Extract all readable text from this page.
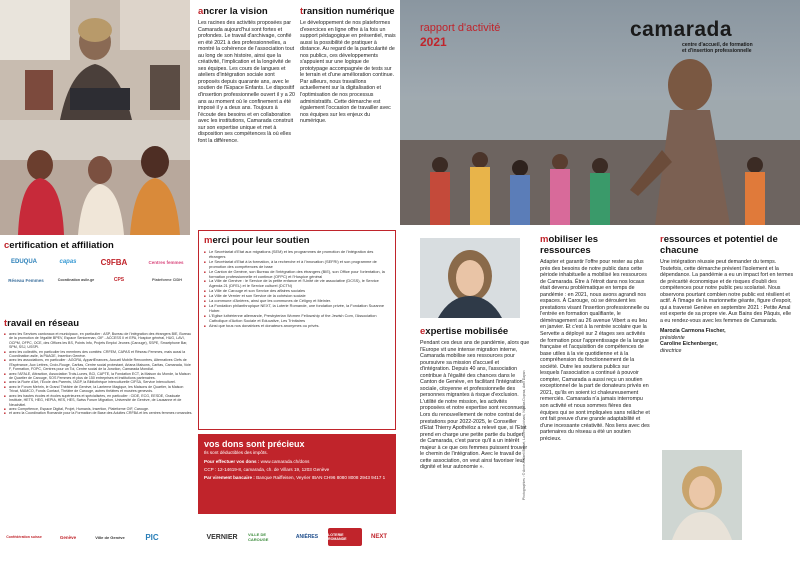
ancrer la vision
Les racines des activités proposées par Camarada aujourd'hui sont fortes et profondes. Le travail d'archivage, confié en été 2021 à des professionnelles, a montré la cohérence de l'association tout au long de son histoire, ainsi que la créativité, l'implication et la longévité de ses équipes. Les cours de langues et ateliers d'intégration sociale sont proposés depuis quarante ans, avec le soutien de l'Espace Enfants. Le dispositif d'insertion professionnelle ouvert il y a 20 ans au moment où le confinement a été imposé il y a deux ans. Toujours à l'écoute des besoins et en collaboration avec les institutions, Camarada construit sur son expertise unique et met à disposition ses compétences là où elles font la différence.
transition numérique
Le développement de nos plateformes d'exercices en ligne offre à la fois un support pédagogique en présentiel, mais aussi la possibilité de pratiquer à distance. Au regard de la particularité de nos publics, ces développements s'appuient sur une logique de prototypage accompagnée de tests sur le terrain et d'une amélioration continue. Par ailleurs, nous travaillons actuellement sur la digitalisation et l'optimisation de nos processus administratifs. Cette démarche est également l'occasion de travailler avec nos équipes sur les enjeux du numérique.
certification et affiliation
EDUQUA	capas	C9FBA	Centres femmes
Réseau Femmes	Coordination asile.ge	CPS	Plateforme CIDH
travail en réseau
■ avec les Services cantonaux et municipaux, en particulier : ASP, Bureau de l'intégration des étrangers BIE, Bureau de la promotion de l'égalité BPEV, Espace Seniorenan, OIF - ACCESS II et EPA, Hospice général, HUG, LAVI, OCPM, OFPC, OCE, des Offices les BS, Points Info, Projets Emploi Jeunes (Carouge), SSPE, Smartphone Bar, SPM, SSJ, USSPI.
■ avec les collectifs, en particulier les membres des comités: CRFEM, CAPAS et Réseau Femmes, mais aussi la Coordination asile, la PAAGE, Insertion Genève.
■ avec les associations, en particulier : AGORA, AppartEnances, Accueil Mobile Rencontres, Alternatives Clefs de l'Espérance, Aux Lettres, Croix-Rouge, Caritas, Centre social protestant, Ariana Maisons, Caritas, Camarada, Voie F, Formation, FOPC, Centres pour un Toi, Centre social de la Jonction, Camarada Mondial.
■ avec l'AFALE, Attraction, Association Trois-Lunes, BCI, CAPTE, la Fondation ECT, la Maison du Monde, la Maison de Quartier de Carouge, SOS Femmes et plus de 150 entreprises et institutions partenaires.
■ avec la Ruée d'Art, l'Ecole des Parents, l'AGP, la Bibliothèque interculturelle CIFSA, Service Interculturel.
■ avec le Forum Mehrin, le Grand Théâtre de Genève, la Lanterne Magique, les Maisons de Quartier, la Maison Trivat, MAMCO, Fonds Contact, Théâtre de Carouge, autres théâtres et musées genevois.
■ avec les hautes écoles et écoles supérieures et spécialisées, en particulier : CIDE, ECG, EESDE, Graduate Institute, HETS, HEG, HEPIA, HES, HES, Swiss Forum Migration, Université de Genève, de Lausanne et de Neuchâtel.
■ avec Compétence, Espace Digital, Projet, Humanis, Insertion, Plateforme OIF, Carouge.
■ et avec la Coordination Romande pour la Formation de Base des Adultes CRFBA et les centres femmes romandes.
merci pour leur soutien
■ Le Secrétariat d'Etat aux migrations (SEM) et les programmes de promotion de l'intégration des étrangers
■ Le Secrétariat d'Etat à la formation, à la recherche et à l'innovation (SEFRI) et son programme de promotion des compétences de base
■ Le Canton de Genève, son Bureau de l'intégration des étrangers (BIE), son Office pour l'orientation, la formation professionnelle et continue (OFPC) et l'Hospice général
■ La Ville de Genève : le Service de la petite enfance et l'Unité de vie associative (DCSS), le Service Agenda 21 (DFEL) et le Service culturel (DCTN)
■ La Ville de Carouge et son Service des affaires sociales
■ La Ville de Vernier et son Service de la cohésion sociale
■ La commune d'Anières, ainsi que les communes de Céligny et Meinier.
■ La Fondation philanthropique NEXT, la Loterie Romande, une fondation privée, la Fondation Suzanne Huber.
■ L'Eglise luthérienne allemande, Presbyterian Women Fellowship of the Jewish Com, l'Association Catholique d'Action Sociale et Educative, Les Trinitaires
■ Ainsi que tous nos donatrices et donateurs anonymes ou privés.
vos dons sont précieux
Ils sont déductibles des impôts.
Pour effectuer vos dons : www.camarada.ch/dons
CCP : 12-14619-8, camarada, ch. de Villars 19, 1203 Genève
Par virement bancaire : Banque Raiffeisen, Veyrier IBAN CH96 8080 8008 2943 9417 1
Confédération suisse	Genève	Ville de Genève	PIC	VERNIER	VILLE DE CAROUGE	ANIÈRES	LOTERIE ROMANDE	NEXT
rapport d'activité
2021
camarada
centre d'accueil, de formation
et d'insertion professionnelle
Photographies : © Anne-Rafaeli Berset, Lauren Guichard, Nicolas Dupraz, Amit Dayan
expertise mobilisée
Pendant ces deux ans de pandémie, alors que l'Europe vit une intense migration interne, Camarada mobilise ses ressources pour poursuivre sa mission d'accueil et d'intégration. Depuis 40 ans, l'association contribue à l'égalité des chances dans le Canton de Genève, en facilitant l'intégration sociale, citoyenne et professionnelle des personnes migrantes à risque d'exclusion. L'utilité de notre mission, les activités proposées et notre expertise sont reconnues. Lors du renouvellement de notre contrat de prestations pour 2022-2025, le Conseiller d'Etat Thierry Apothéloz a relevé que, si l'Etat prend en charge une petite partie du budget de Camarada, c'est parce qu'il a un intérêt majeur à ce que ces femmes puissent trouver le chemin de l'intégration. Avec le travail de cette association, on veut ainsi favoriser leur dignité et leur autonomie ».
mobiliser les ressources
Adapter et garantir l'offre pour rester au plus près des besoins de notre public dans cette période inhabituelle a mobilisé les ressources de Camarada. Être à l'étroit dans nos locaux était devenu problématique en temps de pandémie : en 2021, nous avons agrandi nos espaces. À Carouge, où se déroulent les prestations visant l'insertion professionnelle ou l'entrée en formation qualifiante, le déménagement au 26 avenue Vibert a eu lieu en janvier. Et c'est à la rentrée scolaire que la Servette a déployé sur 2 étages ses activités de formation pour l'apprentissage de la langue française et l'acquisition de compétences de base utiles à la vie quotidienne et à la compréhension du fonctionnement de la société. Outre les soutiens publics sur lesquels l'association a continué à pouvoir compter, Camarada a aussi reçu un soutien exceptionnel de la part de donateurs privés en 2021, qu'ils en soient ici chaleureusement remerciés. Camarada n'a jamais interrompu son activité et nous sommes fières des équipes qui se sont impliquées sans relâche et ont fait preuve d'une grande adaptabilité et d'une incessante créativité. Nos liens avec des partenaires du réseau a été un soutien précieux.
ressources et potentiel de chacune
Une intégration réussie peut demander du temps. Toutefois, cette démarche prévient l'isolement et la dépendance. La pandémie a eu un impact fort en termes de précarité économique et de risques d'oubli des compétences pour notre public peu scolarisé. Nous observons pourtant combien notre public est résilient et actif. À l'image de la marionnette géante, figure d'espoir, qui a traversé Genève en septembre 2021 : Petite Amal est experte de sa propre vie. Aux Bains des Pâquis, elle a eu rendez-vous avec les femmes de Camarada.
Marozia Carmona Fischer,
présidente
Caroline Eichenberger,
directrice
